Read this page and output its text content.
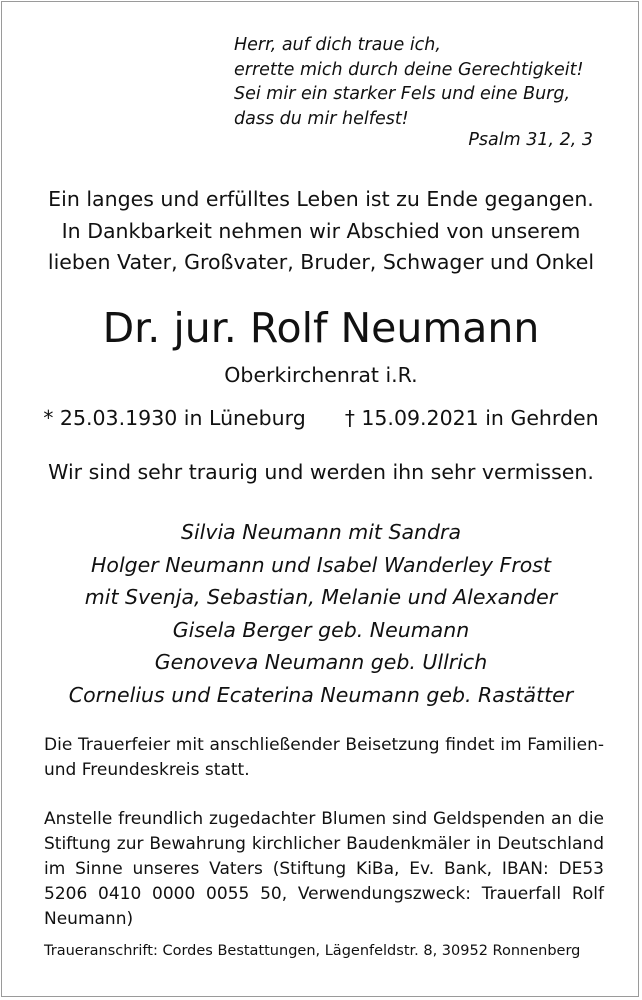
Herr, auf dich traue ich,
errette mich durch deine Gerechtigkeit!
Sei mir ein starker Fels und eine Burg,
dass du mir helfest!
Psalm 31, 2, 3
Ein langes und erfülltes Leben ist zu Ende gegangen.
In Dankbarkeit nehmen wir Abschied von unserem
lieben Vater, Großvater, Bruder, Schwager und Onkel
Dr. jur. Rolf Neumann
Oberkirchenrat i.R.
* 25.03.1930 in Lüneburg † 15.09.2021 in Gehrden
Wir sind sehr traurig und werden ihn sehr vermissen.
Silvia Neumann mit Sandra
Holger Neumann und Isabel Wanderley Frost
mit Svenja, Sebastian, Melanie und Alexander
Gisela Berger geb. Neumann
Genoveva Neumann geb. Ullrich
Cornelius und Ecaterina Neumann geb. Rastätter
Die Trauerfeier mit anschließender Beisetzung findet im Familien- und Freundeskreis statt.
Anstelle freundlich zugedachter Blumen sind Geldspenden an die Stiftung zur Bewahrung kirchlicher Baudenkmäler in Deutschland im Sinne unseres Vaters (Stiftung KiBa, Ev. Bank, IBAN: DE53 5206 0410 0000 0055 50, Verwendungszweck: Trauerfall Rolf Neumann)
Traueranschrift: Cordes Bestattungen, Lägenfeldstr. 8, 30952 Ronnenberg
